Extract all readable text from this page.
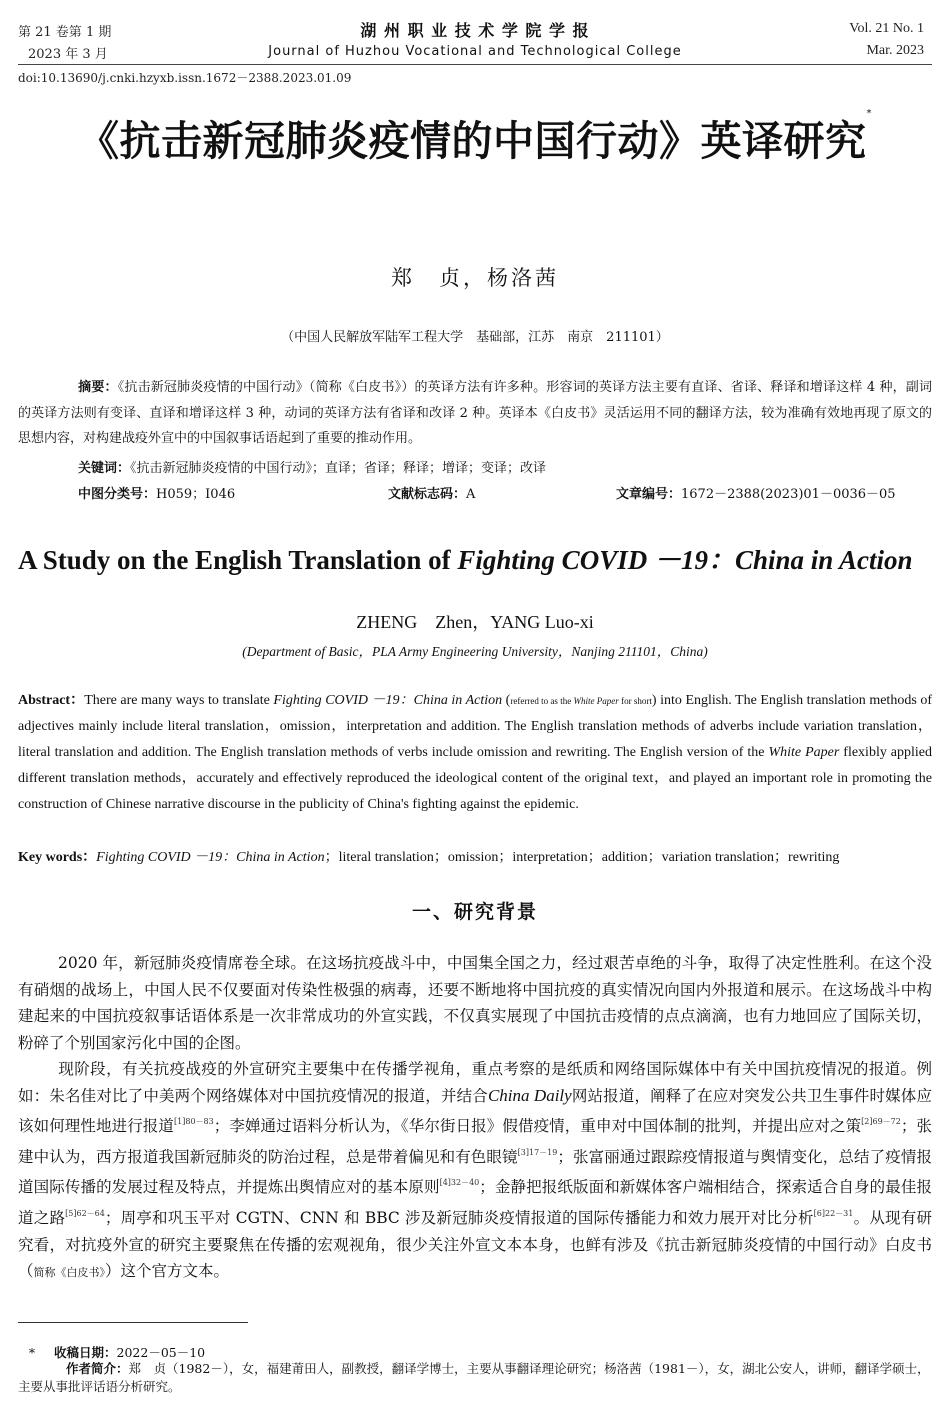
第 21 卷第 1 期
2023 年 3 月
湖 州 职 业 技 术 学 院 学 报
Journal of Huzhou Vocational and Technological College
Vol. 21 No. 1
Mar. 2023
doi:10.13690/j.cnki.hzyxb.issn.1672－2388.2023.01.09
《抗击新冠肺炎疫情的中国行动》英译研究*
郑　贞，杨洛茜
（中国人民解放军陆军工程大学　基础部，江苏　南京　211101）
摘要：《抗击新冠肺炎疫情的中国行动》（简称《白皮书》）的英译方法有许多种。形容词的英译方法主要有直译、省译、释译和增译这样 4 种，副词的英译方法则有变译、直译和增译这样 3 种，动词的英译方法有省译和改译 2 种。英译本《白皮书》灵活运用不同的翻译方法，较为准确有效地再现了原文的思想内容，对构建战疫外宣中的中国叙事话语起到了重要的推动作用。
关键词：《抗击新冠肺炎疫情的中国行动》；直译；省译；释译；增译；变译；改译
中图分类号：H059；I046	文献标志码：A	文章编号：1672－2388(2023)01－0036－05
A Study on the English Translation of Fighting COVID －19：China in Action
ZHENG　Zhen，YANG Luo-xi
(Department of Basic，PLA Army Engineering University，Nanjing 211101，China)
Abstract：There are many ways to translate Fighting COVID －19：China in Action (referred to as the White Paper for short) into English. The English translation methods of adjectives mainly include literal translation，omission，interpretation and addition. The English translation methods of adverbs include variation translation，literal translation and addition. The English translation methods of verbs include omission and rewriting. The English version of the White Paper flexibly applied different translation methods，accurately and effectively reproduced the ideological content of the original text，and played an important role in promoting the construction of Chinese narrative discourse in the publicity of China's fighting against the epidemic.
Key words：Fighting COVID －19：China in Action；literal translation；omission；interpretation；addition；variation translation；rewriting
一、研究背景
2020 年，新冠肺炎疫情席卷全球。在这场抗疫战斗中，中国集全国之力，经过艰苦卓绝的斗争，取得了决定性胜利。在这个没有硝烟的战场上，中国人民不仅要面对传染性极强的病毒，还要不断地将中国抗疫的真实情况向国内外报道和展示。在这场战斗中构建起来的中国抗疫叙事话语体系是一次非常成功的外宣实践，不仅真实展现了中国抗击疫情的点点滴滴，也有力地回应了国际关切，粉碎了个别国家污化中国的企图。
现阶段，有关抗疫战疫的外宣研究主要集中在传播学视角，重点考察的是纸质和网络国际媒体中有关中国抗疫情况的报道。例如：朱名佳对比了中美两个网络媒体对中国抗疫情况的报道，并结合China Daily网站报道，阐释了在应对突发公共卫生事件时媒体应该如何理性地进行报道$^{[1]80-83}$；李婵通过语料分析认为，《华尔街日报》假借疫情，重申对中国体制的批判，并提出应对之策$^{[2]69-72}$；张建中认为，西方报道我国新冠肺炎的防治过程，总是带着偏见和有色眼镜$^{[3]17-19}$；张富丽通过跟踪疫情报道与舆情变化，总结了疫情报道国际传播的发展过程及特点，并提炼出舆情应对的基本原则$^{[4]32-40}$；金静把报纸版面和新媒体客户端相结合，探索适合自身的最佳报道之路$^{[5]62-64}$；周亭和巩玉平对 CGTN、CNN 和 BBC 涉及新冠肺炎疫情报道的国际传播能力和效力展开对比分析$^{[6]22-31}$。从现有研究看，对抗疫外宣的研究主要聚焦在传播的宏观视角，很少关注外宣文本本身，也鲜有涉及《抗击新冠肺炎疫情的中国行动》白皮书（简称《白皮书》）这个官方文本。
* 收稿日期：2022－05－10
作者简介：郑　贞（1982－），女，福建莆田人，副教授，翻译学博士，主要从事翻译理论研究；杨洛茜（1981－），女，湖北公安人，讲师，翻译学硕士，主要从事批评话语分析研究。
